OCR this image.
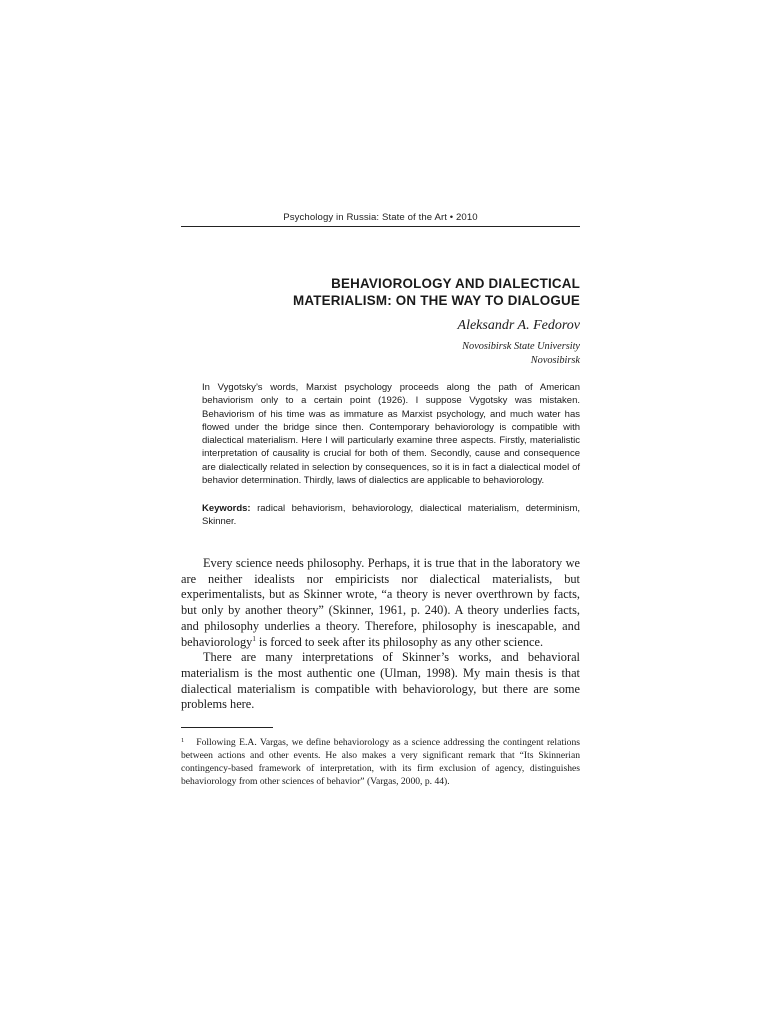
Psychology in Russia: State of the Art • 2010
BEHAVIOROLOGY AND DIALECTICAL
MATERIALISM: ON THE WAY TO DIALOGUE
Aleksandr A. Fedorov
Novosibirsk State University
Novosibirsk

In Vygotsky’s words, Marxist psychology proceeds along the path of American behaviorism only to a certain point (1926). I suppose Vygotsky was mistaken. Behaviorism of his time was as immature as Marxist psychology, and much water has flowed under the bridge since then. Contemporary behaviorology is compatible with dialectical materialism. Here I will particularly examine three aspects. Firstly, materialistic interpretation of causality is crucial for both of them. Secondly, cause and consequence are dialectically related in selection by consequences, so it is in fact a dialectical model of behavior determination. Thirdly, laws of dialectics are applicable to behaviorology.

Keywords: radical behaviorism, behaviorology, dialectical materialism, determinism, Skinner.

Every science needs philosophy. Perhaps, it is true that in the laboratory we are neither idealists nor empiricists nor dialectical materialists, but experimentalists, but as Skinner wrote, “a theory is never overthrown by facts, but only by another theory” (Skinner, 1961, p. 240). A theory underlies facts, and philosophy underlies a theory. Therefore, philosophy is inescapable, and behaviorology$^1$ is forced to seek after its philosophy as any other science.

There are many interpretations of Skinner’s works, and behavioral materialism is the most authentic one (Ulman, 1998). My main thesis is that dialectical materialism is compatible with behaviorology, but there are some problems here.

$^1$ Following E.A. Vargas, we define behaviorology as a science addressing the contingent relations between actions and other events. He also makes a very significant remark that “Its Skinnerian contingency-based framework of interpretation, with its firm exclusion of agency, distinguishes behaviorology from other sciences of behavior” (Vargas, 2000, p. 44).
